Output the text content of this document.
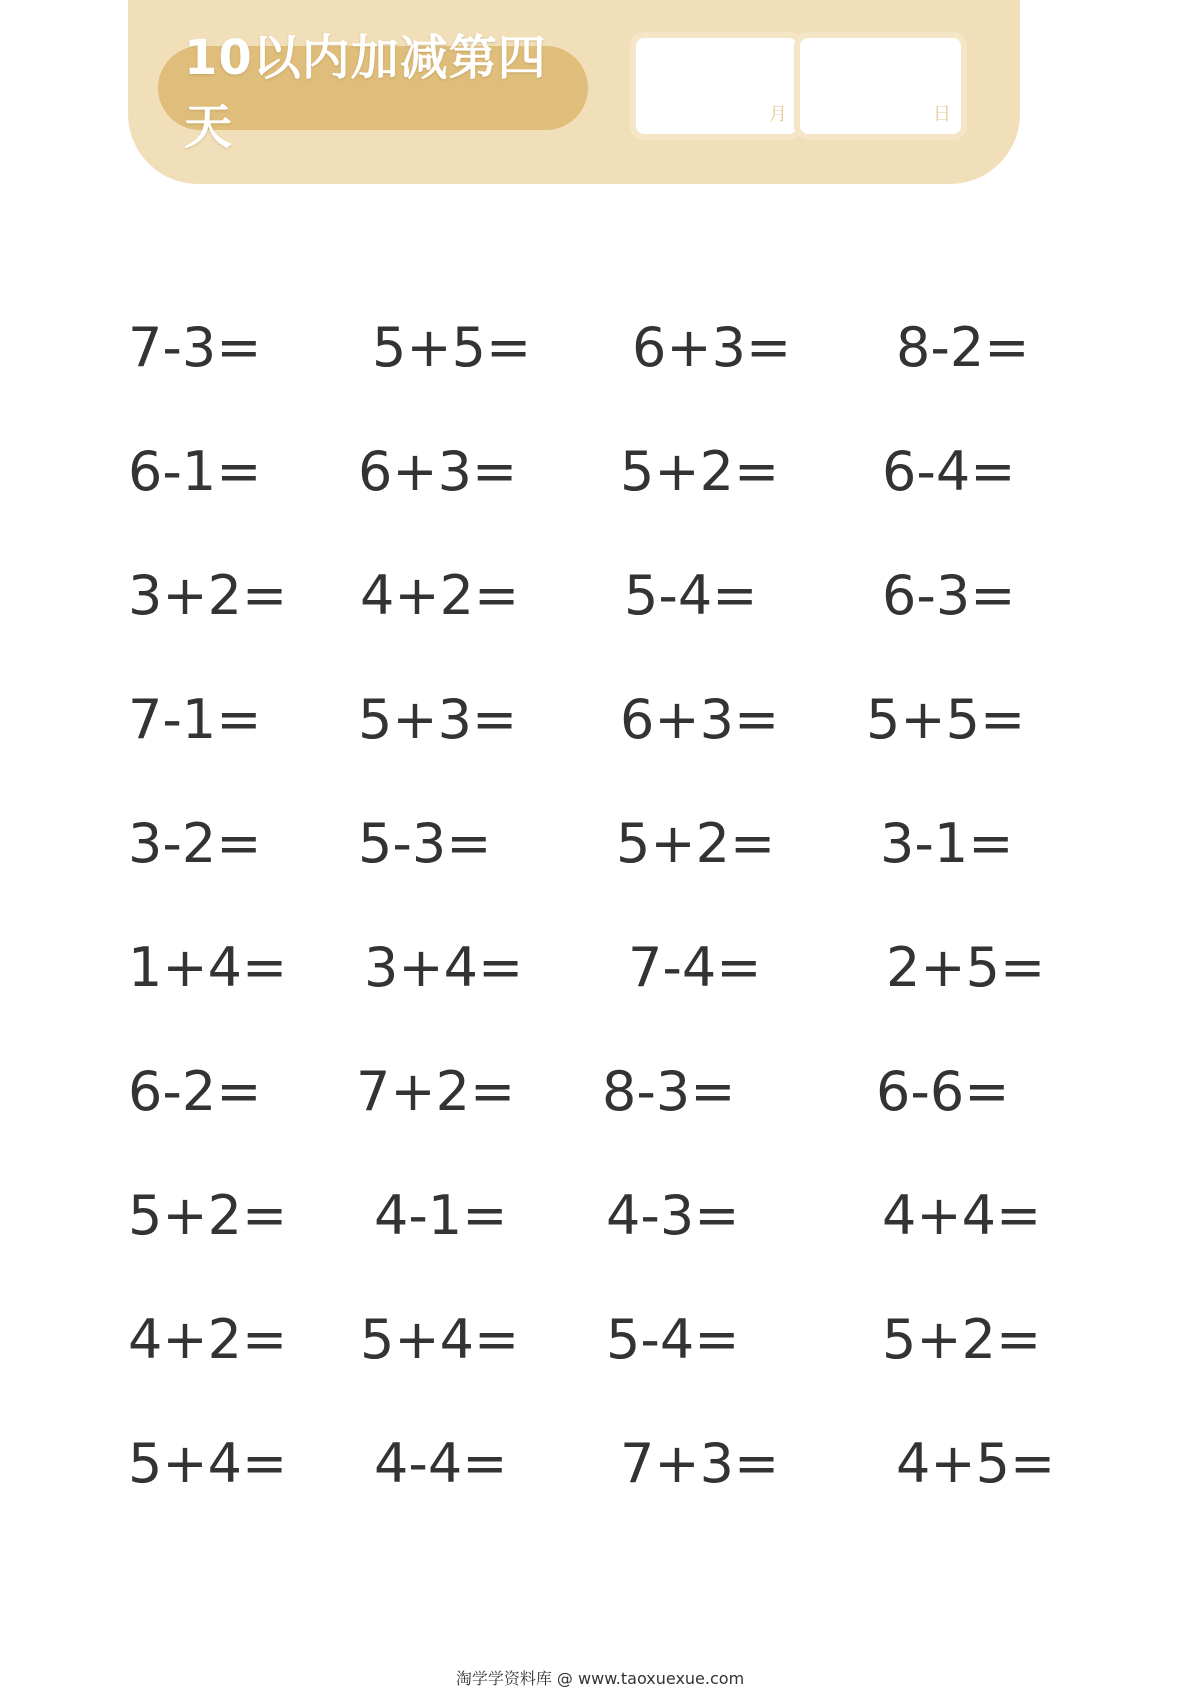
10以内加减第四天	月	日
7-3= 5+5= 6+3= 8-2=
6-1= 6+3= 5+2= 6-4=
3+2= 4+2= 5-4= 6-3=
7-1= 5+3= 6+3= 5+5=
3-2= 5-3= 5+2= 3-1=
1+4= 3+4= 7-4= 2+5=
6-2= 7+2= 8-3=	6-6=
5+2= 4-1= 4-3=	4+4=
4+2= 5+4= 5-4=	5+2=
5+4= 4-4= 7+3= 4+5=
淘学学资料库 @ www.taoxuexue.com
